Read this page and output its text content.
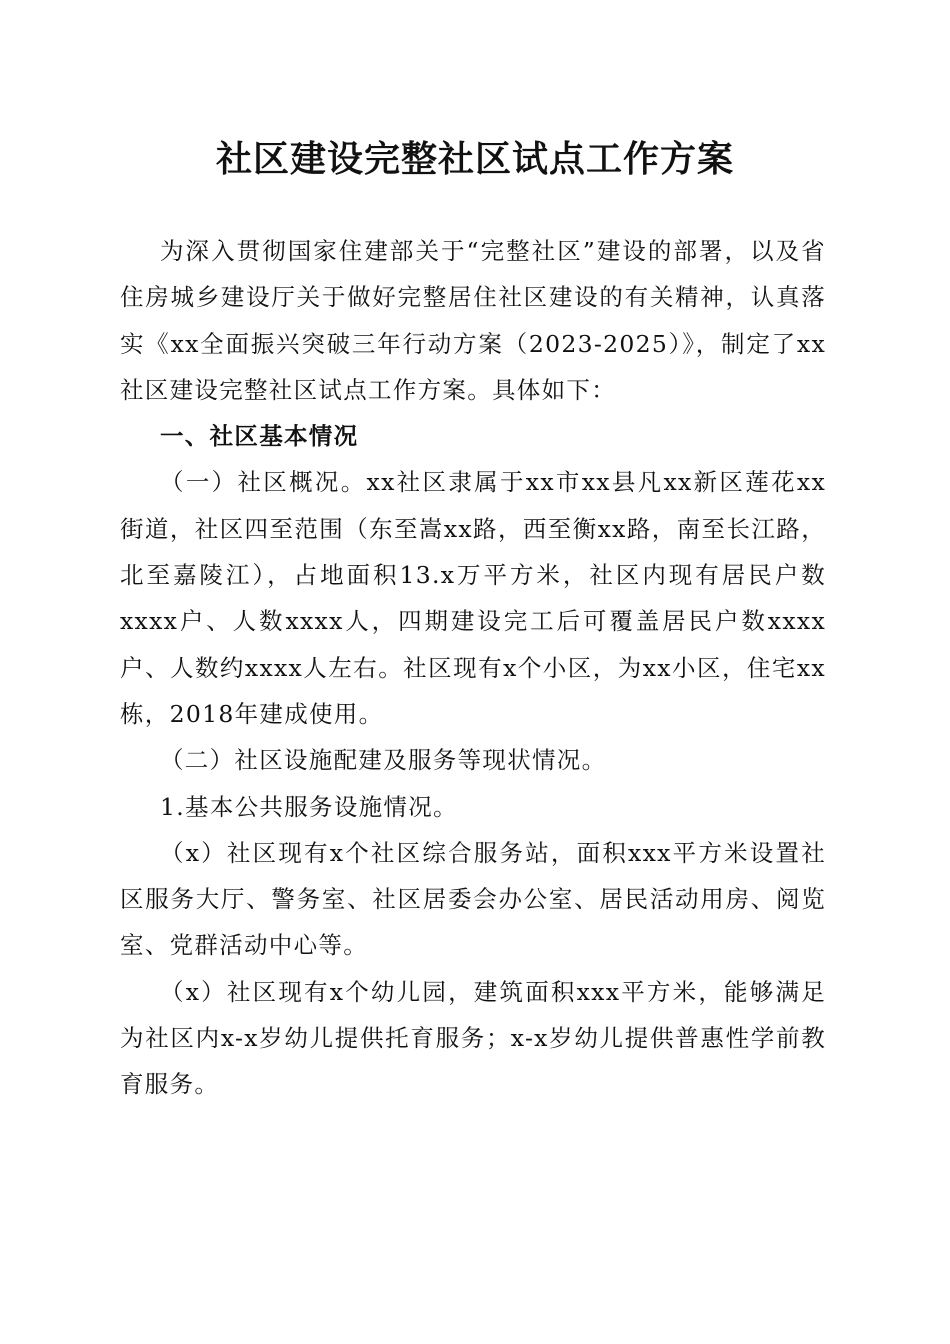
社区建设完整社区试点工作方案

为深入贯彻国家住建部关于“完整社区”建设的部署，以及省住房城乡建设厅关于做好完整居住社区建设的有关精神，认真落实《xx全面振兴突破三年行动方案（2023-2025）》，制定了xx社区建设完整社区试点工作方案。具体如下：

一、社区基本情况

（一）社区概况。xx社区隶属于xx市xx县凡xx新区莲花xx街道，社区四至范围（东至嵩xx路，西至衡xx路，南至长江路，北至嘉陵江），占地面积13.x万平方米，社区内现有居民户数xxxx户、人数xxxx人，四期建设完工后可覆盖居民户数xxxx户、人数约xxxx人左右。社区现有x个小区，为xx小区，住宅xx栋，2018年建成使用。

（二）社区设施配建及服务等现状情况。

1.基本公共服务设施情况。

（x）社区现有x个社区综合服务站，面积xxx平方米设置社区服务大厅、警务室、社区居委会办公室、居民活动用房、阅览室、党群活动中心等。

（x）社区现有x个幼儿园，建筑面积xxx平方米，能够满足为社区内x-x岁幼儿提供托育服务；x-x岁幼儿提供普惠性学前教育服务。
